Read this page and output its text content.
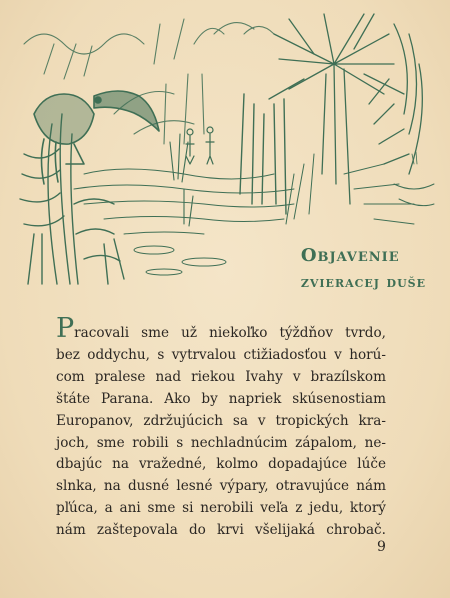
Objavenie
zvieracej duše
Pracovali sme už niekoľko týždňov tvrdo,
bez oddychu, s vytrvalou ctižiadosťou v horú-
com pralese nad riekou Ivahy v brazílskom
štáte Parana. Ako by napriek skúsenostiam
Europanov, zdržujúcich sa v tropických kra-
joch, sme robili s nechladnúcim zápalom, ne-
dbajúc na vražedné, kolmo dopadajúce lúče
slnka, na dusné lesné výpary, otravujúce nám
pľúca, a ani sme si nerobili veľa z jedu, ktorý
nám zaštepovala do krvi všelijaká chrobač.
9
